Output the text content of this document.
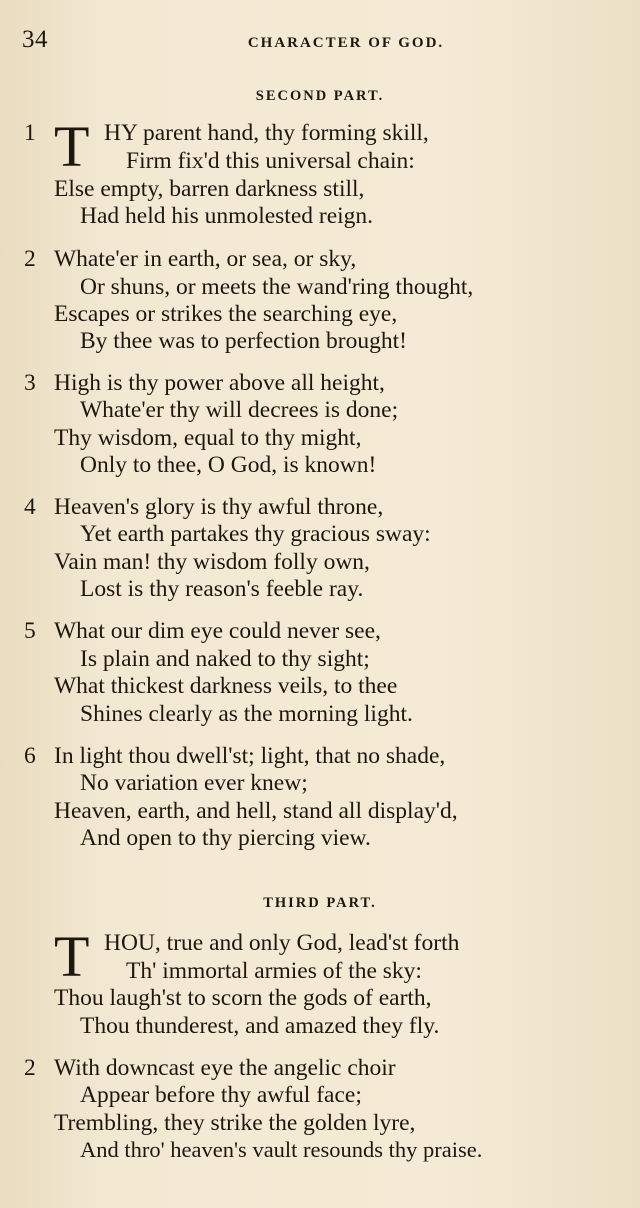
34	CHARACTER OF GOD.
SECOND PART.
1 T HY parent hand, thy forming skill,
Firm fix'd this universal chain:
Else empty, barren darkness still,
Had held his unmolested reign.
2 Whate'er in earth, or sea, or sky,
Or shuns, or meets the wand'ring thought,
Escapes or strikes the searching eye,
By thee was to perfection brought!
3 High is thy power above all height,
Whate'er thy will decrees is done;
Thy wisdom, equal to thy might,
Only to thee, O God, is known!
4 Heaven's glory is thy awful throne,
Yet earth partakes thy gracious sway:
Vain man! thy wisdom folly own,
Lost is thy reason's feeble ray.
5 What our dim eye could never see,
Is plain and naked to thy sight;
What thickest darkness veils, to thee
Shines clearly as the morning light.
6 In light thou dwell'st; light, that no shade,
No variation ever knew;
Heaven, earth, and hell, stand all display'd,
And open to thy piercing view.
THIRD PART.
T HOU, true and only God, lead'st forth
Th' immortal armies of the sky:
Thou laugh'st to scorn the gods of earth,
Thou thunderest, and amazed they fly.
2 With downcast eye the angelic choir
Appear before thy awful face;
Trembling, they strike the golden lyre,
And thro' heaven's vault resounds thy praise.
